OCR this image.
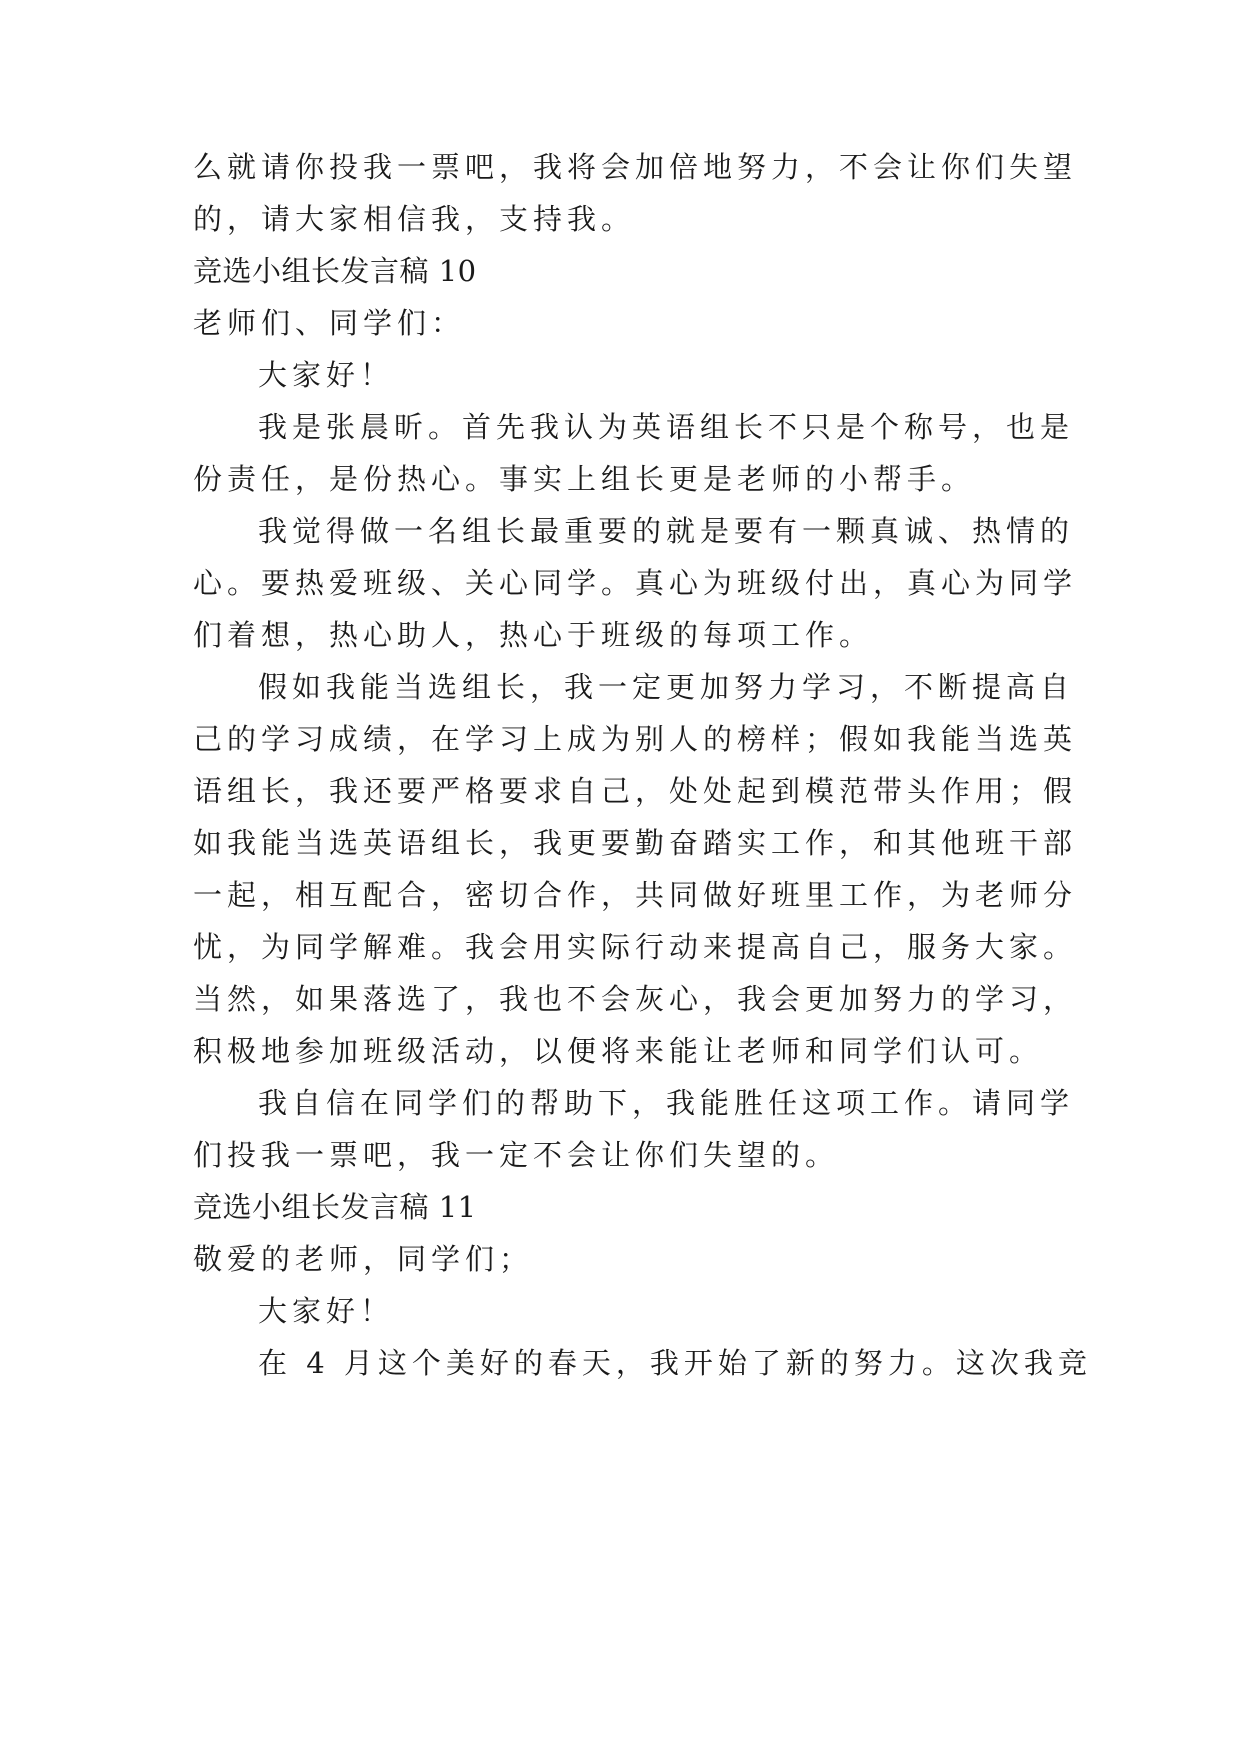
么就请你投我一票吧，我将会加倍地努力，不会让你们失望
的，请大家相信我，支持我。
竞选小组长发言稿 10
老师们、同学们：
大家好！
我是张晨昕。首先我认为英语组长不只是个称号，也是
份责任，是份热心。事实上组长更是老师的小帮手。
我觉得做一名组长最重要的就是要有一颗真诚、热情的
心。要热爱班级、关心同学。真心为班级付出，真心为同学
们着想，热心助人，热心于班级的每项工作。
假如我能当选组长，我一定更加努力学习，不断提高自
己的学习成绩，在学习上成为别人的榜样；假如我能当选英
语组长，我还要严格要求自己，处处起到模范带头作用；假
如我能当选英语组长，我更要勤奋踏实工作，和其他班干部
一起，相互配合，密切合作，共同做好班里工作，为老师分
忧，为同学解难。我会用实际行动来提高自己，服务大家。
当然，如果落选了，我也不会灰心，我会更加努力的学习，
积极地参加班级活动，以便将来能让老师和同学们认可。
我自信在同学们的帮助下，我能胜任这项工作。请同学
们投我一票吧，我一定不会让你们失望的。
竞选小组长发言稿 11
敬爱的老师，同学们；
大家好！
在 4 月这个美好的春天，我开始了新的努力。这次我竞
